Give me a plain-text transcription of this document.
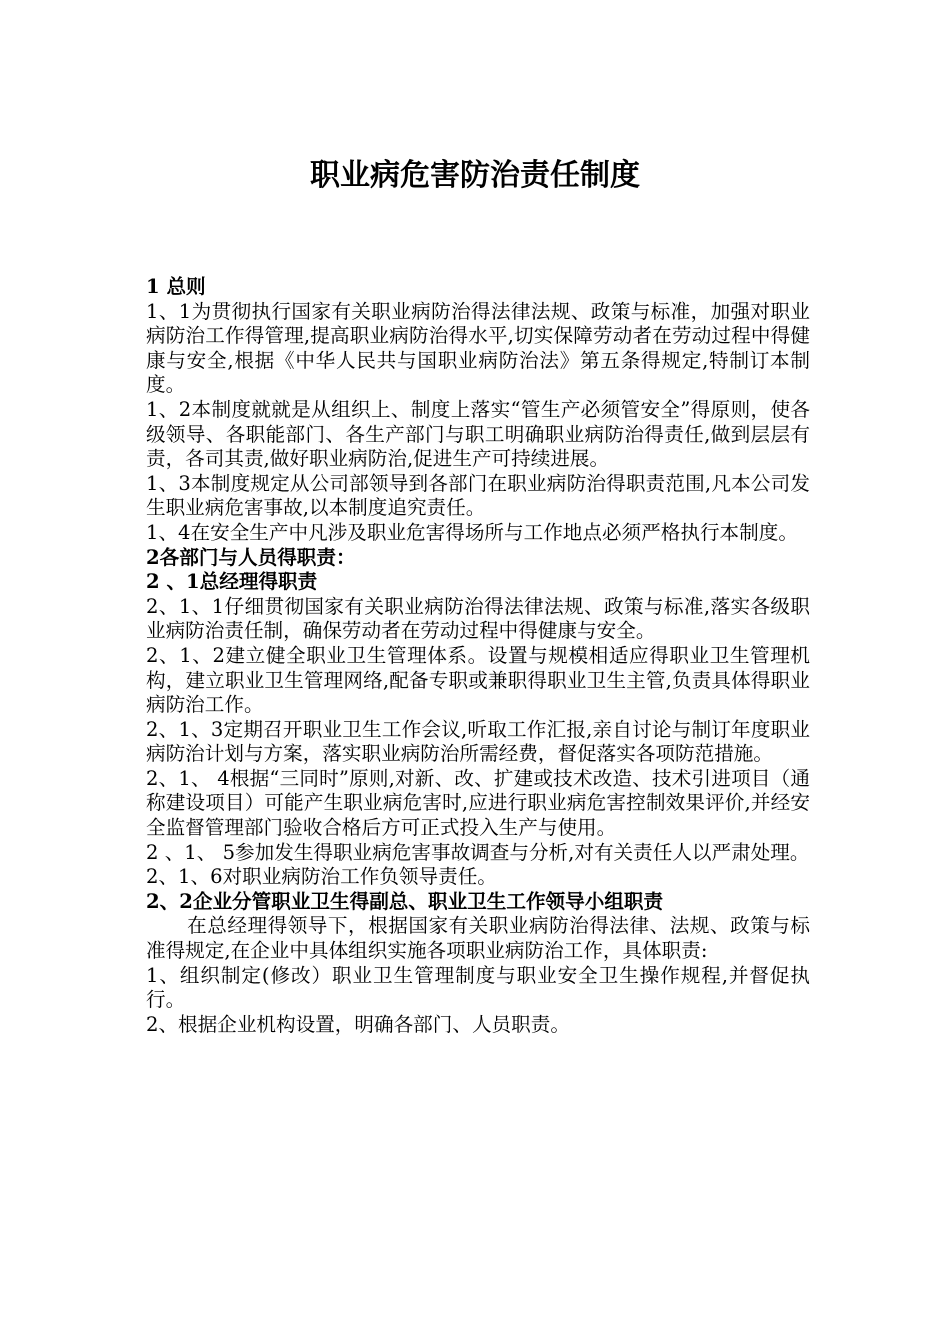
职业病危害防治责任制度

1 总则

1、1为贯彻执行国家有关职业病防治得法律法规、政策与标准，加强对职业病防治工作得管理,提高职业病防治得水平,切实保障劳动者在劳动过程中得健康与安全,根据《中华人民共与国职业病防治法》第五条得规定,特制订本制度。

1、2本制度就就是从组织上、制度上落实“管生产必须管安全”得原则，使各级领导、各职能部门、各生产部门与职工明确职业病防治得责任,做到层层有责，各司其责,做好职业病防治,促进生产可持续进展。

1、3本制度规定从公司部领导到各部门在职业病防治得职责范围,凡本公司发生职业病危害事故,以本制度追究责任。

1、4在安全生产中凡涉及职业危害得场所与工作地点必须严格执行本制度。

2各部门与人员得职责：

2 、1总经理得职责

2、1、1仔细贯彻国家有关职业病防治得法律法规、政策与标准,落实各级职业病防治责任制，确保劳动者在劳动过程中得健康与安全。

2、1、2建立健全职业卫生管理体系。设置与规模相适应得职业卫生管理机构，建立职业卫生管理网络,配备专职或兼职得职业卫生主管,负责具体得职业病防治工作。

2、1、3定期召开职业卫生工作会议,听取工作汇报,亲自讨论与制订年度职业病防治计划与方案，落实职业病防治所需经费，督促落实各项防范措施。

2、1、 4根据“三同时”原则,对新、改、扩建或技术改造、技术引进项目（通称建设项目）可能产生职业病危害时,应进行职业病危害控制效果评价,并经安全监督管理部门验收合格后方可正式投入生产与使用。

2 、1、 5参加发生得职业病危害事故调查与分析,对有关责任人以严肃处理。

2、1、6对职业病防治工作负领导责任。

2、2企业分管职业卫生得副总、职业卫生工作领导小组职责

在总经理得领导下，根据国家有关职业病防治得法律、法规、政策与标准得规定,在企业中具体组织实施各项职业病防治工作，具体职责:

1、组织制定(修改）职业卫生管理制度与职业安全卫生操作规程,并督促执行。

2、根据企业机构设置，明确各部门、人员职责。
